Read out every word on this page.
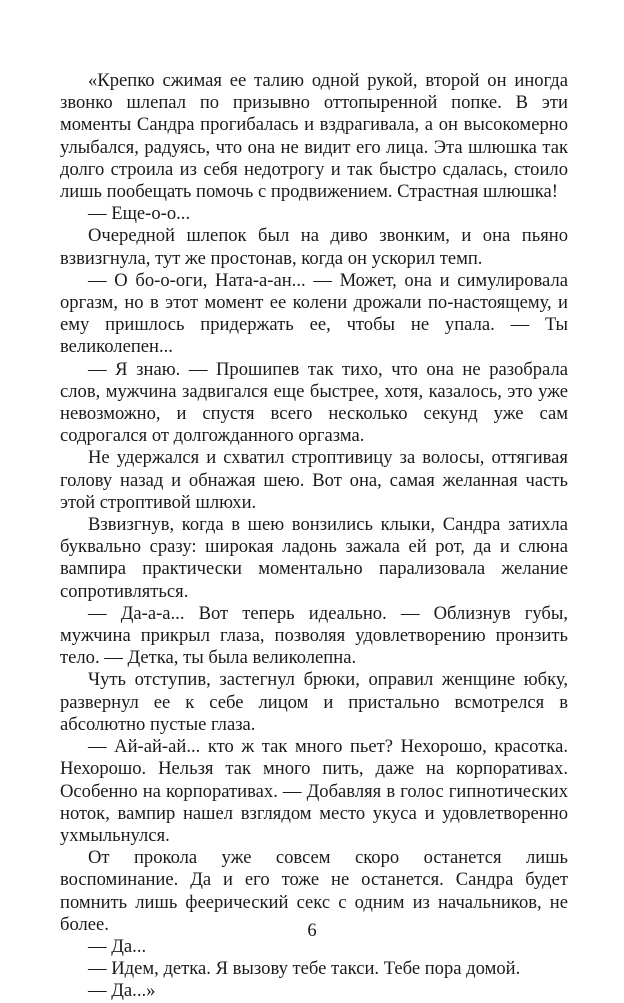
«Крепко сжимая ее талию одной рукой, второй он иногда звонко шлепал по призывно оттопыренной попке. В эти моменты Сандра прогибалась и вздрагивала, а он высокомерно улыбался, радуясь, что она не видит его лица. Эта шлюшка так долго строила из себя недотрогу и так быстро сдалась, стоило лишь пообещать помочь с продвижением. Страстная шлюшка!

— Еще-о-о...

Очередной шлепок был на диво звонким, и она пьяно взвизгнула, тут же простонав, когда он ускорил темп.

— О бо-о-оги, Ната-а-ан... — Может, она и симулировала оргазм, но в этот момент ее колени дрожали по-настоящему, и ему пришлось придержать ее, чтобы не упала. — Ты великолепен...

— Я знаю. — Прошипев так тихо, что она не разобрала слов, мужчина задвигался еще быстрее, хотя, казалось, это уже невозможно, и спустя всего несколько секунд уже сам содрогался от долгожданного оргазма.

Не удержался и схватил строптивицу за волосы, оттягивая голову назад и обнажая шею. Вот она, самая желанная часть этой строптивой шлюхи.

Взвизгнув, когда в шею вонзились клыки, Сандра затихла буквально сразу: широкая ладонь зажала ей рот, да и слюна вампира практически моментально парализовала желание сопротивляться.

— Да-а-а... Вот теперь идеально. — Облизнув губы, мужчина прикрыл глаза, позволяя удовлетворению пронзить тело. — Детка, ты была великолепна.

Чуть отступив, застегнул брюки, оправил женщине юбку, развернул ее к себе лицом и пристально всмотрелся в абсолютно пустые глаза.

— Ай-ай-ай... кто ж так много пьет? Нехорошо, красотка. Нехорошо. Нельзя так много пить, даже на корпоративах. Особенно на корпоративах. — Добавляя в голос гипнотических ноток, вампир нашел взглядом место укуса и удовлетворенно ухмыльнулся.

От прокола уже совсем скоро останется лишь воспоминание. Да и его тоже не останется. Сандра будет помнить лишь феерический секс с одним из начальников, не более.

— Да...

— Идем, детка. Я вызову тебе такси. Тебе пора домой.

— Да...»

6
